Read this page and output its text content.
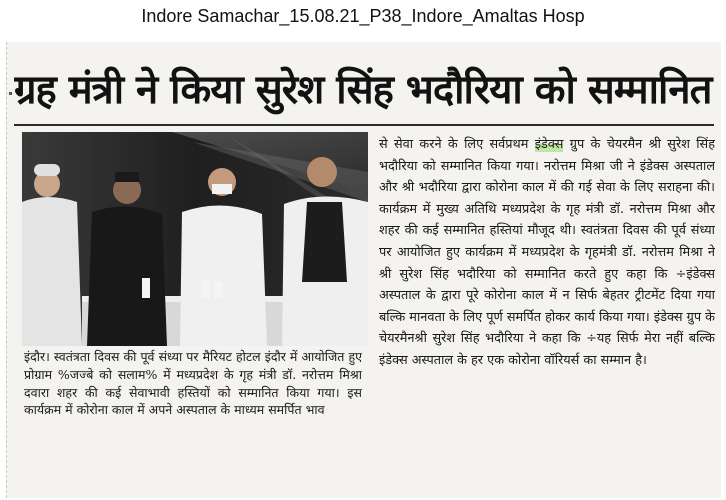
Indore Samachar_15.08.21_P38_Indore_Amaltas Hosp
ग्रह मंत्री ने किया सुरेश सिंह भदौरिया को सम्मानित
इंदौर। स्वतंत्रता दिवस की पूर्व संध्या पर मैरियट होटल इंदौर में आयोजित हुए प्रोग्राम %जज्बे को सलाम% में मध्यप्रदेश के गृह मंत्री डॉ. नरोत्तम मिश्रा दवारा शहर की कई सेवाभावी हस्तियों को सम्मानित किया गया। इस कार्यक्रम में कोरोना काल में अपने अस्पताल के माध्यम समर्पित भाव
से सेवा करने के लिए सर्वप्रथम इंडेक्स ग्रुप के चेयरमैन श्री सुरेश सिंह भदौरिया को सम्मानित किया गया। नरोत्तम मिश्रा जी ने इंडेक्स अस्पताल और श्री भदौरिया द्वारा कोरोना काल में की गई सेवा के लिए सराहना की। कार्यक्रम में मुख्य अतिथि मध्यप्रदेश के गृह मंत्री डॉ. नरोत्तम मिश्रा और शहर की कई सम्मानित हस्तियां मौजूद थी। स्वतंत्रता दिवस की पूर्व संध्या पर आयोजित हुए कार्यक्रम में मध्यप्रदेश के गृहमंत्री डॉ. नरोत्तम मिश्रा ने श्री सुरेश सिंह भदौरिया को सम्मानित करते हुए कहा कि ÷इंडेक्स अस्पताल के द्वारा पूरे कोरोना काल में न सिर्फ बेहतर ट्रीटमेंट दिया गया बल्कि मानवता के लिए पूर्ण समर्पित होकर कार्य किया गया। इंडेक्स ग्रुप के चेयरमैनश्री सुरेश सिंह भदौरिया ने कहा कि ÷यह सिर्फ मेरा नहीं बल्कि इंडेक्स अस्पताल के हर एक कोरोना वॉरियर्स का सम्मान है।
